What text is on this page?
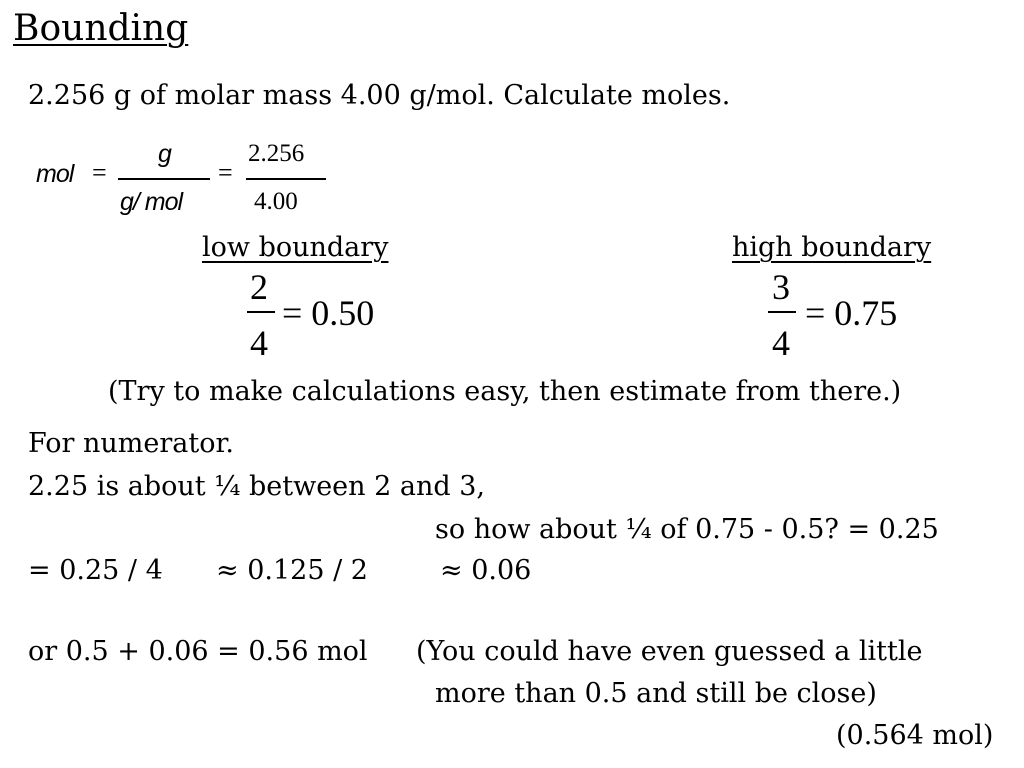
Bounding
2.256 g of molar mass 4.00 g/mol. Calculate moles.
mol =
g
g/ mol
=
2.256
4.00
low boundary
2
4
= 0.50
high boundary
3
4
= 0.75
(Try to make calculations easy, then estimate from there.)
For numerator.
2.25 is about ¼ between 2 and 3,
so how about ¼ of 0.75 - 0.5? = 0.25
= 0.25 / 4 ≈ 0.125 / 2	≈ 0.06
or 0.5 + 0.06 = 0.56 mol (You could have even guessed a little
more than 0.5 and still be close)
(0.564 mol)
